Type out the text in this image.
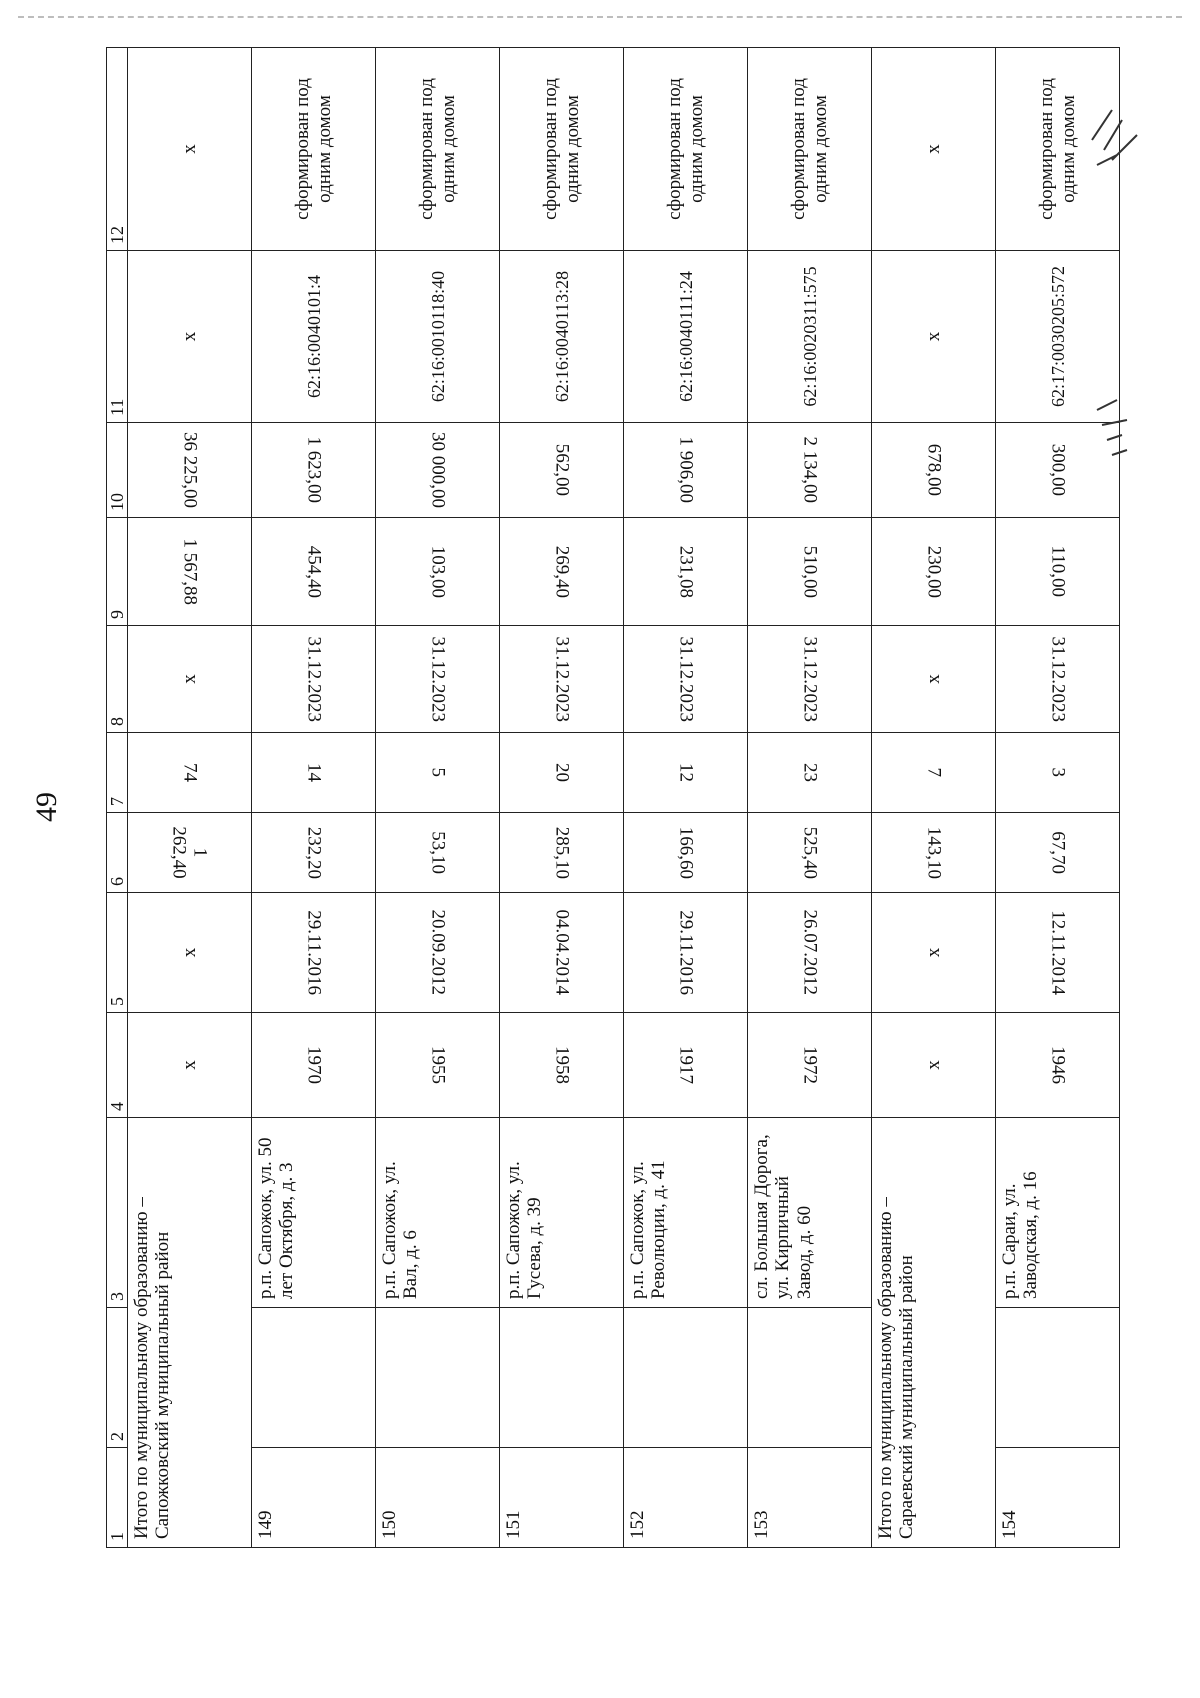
49
1	2	3	4	5	6	7	8	9	10	11	12
Итого по муниципальному образованию – Сапожковский муниципальный район			х	х	1 262,40	74	х	1 567,88	36 225,00	х	х
149		р.п. Сапожок, ул. 50 лет Октября, д. 3	1970	29.11.2016	232,20	14	31.12.2023	454,40	1 623,00	62:16:0040101:4	сформирован под одним домом
150		р.п. Сапожок, ул. Вал, д. 6	1955	20.09.2012	53,10	5	31.12.2023	103,00	30 000,00	62:16:0010118:40	сформирован под одним домом
151		р.п. Сапожок, ул. Гусева, д. 39	1958	04.04.2014	285,10	20	31.12.2023	269,40	562,00	62:16:0040113:28	сформирован под одним домом
152		р.п. Сапожок, ул. Революции, д. 41	1917	29.11.2016	166,60	12	31.12.2023	231,08	1 906,00	62:16:0040111:24	сформирован под одним домом
153		сл. Большая Дорога, ул. Кирпичный Завод, д. 60	1972	26.07.2012	525,40	23	31.12.2023	510,00	2 134,00	62:16:0020311:575	сформирован под одним домом
Итого по муниципальному образованию – Сараевский муниципальный район			х	х	143,10	7	х	230,00	678,00	х	х
154		р.п. Сараи, ул. Заводская, д. 16	1946	12.11.2014	67,70	3	31.12.2023	110,00	300,00	62:17:0030205:572	сформирован под одним домом
